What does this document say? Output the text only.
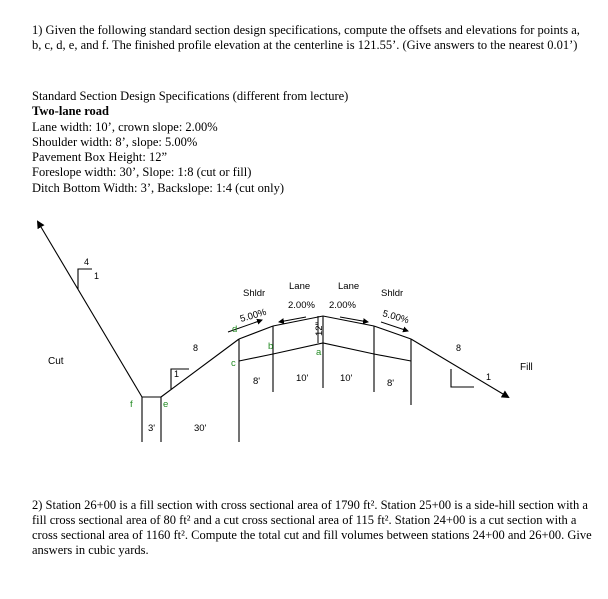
1) Given the following standard section design specifications, compute the offsets and elevations for points a, b, c, d, e, and f. The finished profile elevation at the centerline is 121.55’. (Give answers to the nearest 0.01’)

Standard Section Design Specifications (different from lecture)
Two-lane road
Lane width: 10’, crown slope: 2.00%
Shoulder width: 8’, slope: 5.00%
Pavement Box Height: 12”
Foreslope width: 30’, Slope: 1:8 (cut or fill)
Ditch Bottom Width: 3’, Backslope: 1:4 (cut only)
Cut
Fill
Shldr
Lane	Lane
Shldr
2.00% 2.00%
5.00%	5.00%
12"
8'	10'	10'	8'
3'	30'
4
1
8
1
8
1
a
b
c
d
e
f

2) Station 26+00 is a fill section with cross sectional area of 1790 ft². Station 25+00 is a side-hill section with a fill cross sectional area of 80 ft² and a cut cross sectional area of 115 ft². Station 24+00 is a cut section with a cross sectional area of 1160 ft². Compute the total cut and fill volumes between stations 24+00 and 26+00. Give answers in cubic yards.
